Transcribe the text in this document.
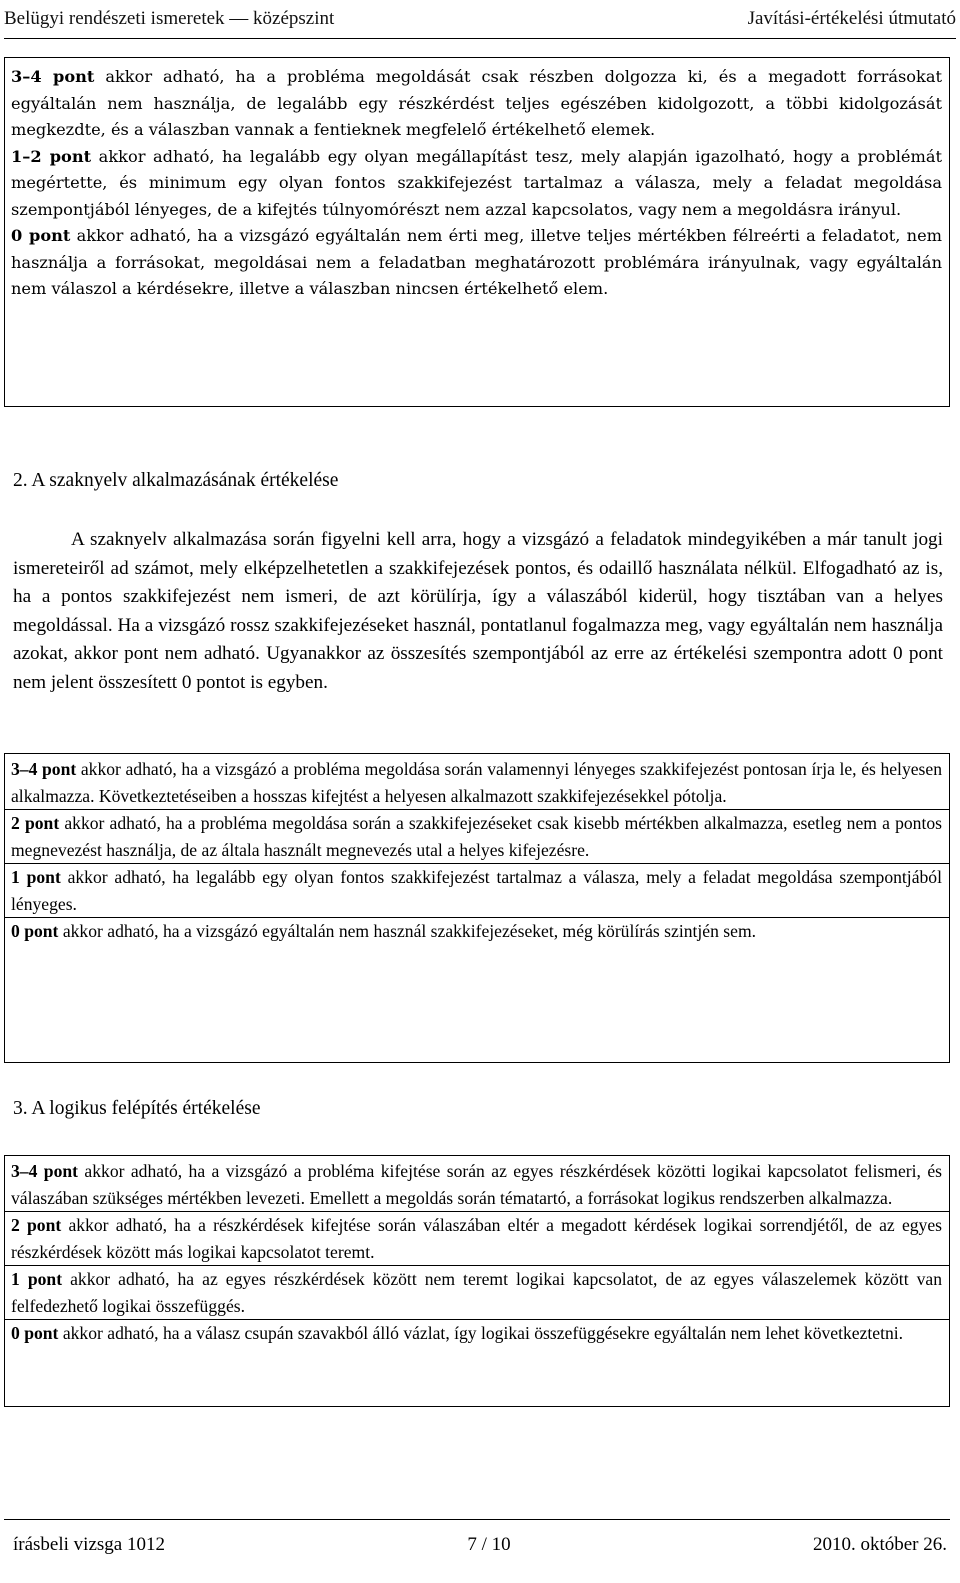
Belügyi rendészeti ismeretek — középszint	Javítási-értékelési útmutató

3–4 pont akkor adható, ha a probléma megoldását csak részben dolgozza ki, és a megadott forrásokat egyáltalán nem használja, de legalább egy részkérdést teljes egészében kidolgozott, a többi kidolgozását megkezdte, és a válaszban vannak a fentieknek megfelelő értékelhető elemek.

1–2 pont akkor adható, ha legalább egy olyan megállapítást tesz, mely alapján igazolható, hogy a problémát megértette, és minimum egy olyan fontos szakkifejezést tartalmaz a válasza, mely a feladat megoldása szempontjából lényeges, de a kifejtés túlnyomórészt nem azzal kapcsolatos, vagy nem a megoldásra irányul.

0 pont akkor adható, ha a vizsgázó egyáltalán nem érti meg, illetve teljes mértékben félreérti a feladatot, nem használja a forrásokat, megoldásai nem a feladatban meghatározott problémára irányulnak, vagy egyáltalán nem válaszol a kérdésekre, illetve a válaszban nincsen értékelhető elem.

2. A szaknyelv alkalmazásának értékelése

A szaknyelv alkalmazása során figyelni kell arra, hogy a vizsgázó a feladatok mindegyikében a már tanult jogi ismereteiről ad számot, mely elképzelhetetlen a szakkifejezések pontos, és odaillő használata nélkül. Elfogadható az is, ha a pontos szakkifejezést nem ismeri, de azt körülírja, így a válaszából kiderül, hogy tisztában van a helyes megoldással. Ha a vizsgázó rossz szakkifejezéseket használ, pontatlanul fogalmazza meg, vagy egyáltalán nem használja azokat, akkor pont nem adható. Ugyanakkor az összesítés szempontjából az erre az értékelési szempontra adott 0 pont nem jelent összesített 0 pontot is egyben.

3–4 pont akkor adható, ha a vizsgázó a probléma megoldása során valamennyi lényeges szakkifejezést pontosan írja le, és helyesen alkalmazza. Következtetéseiben a hosszas kifejtést a helyesen alkalmazott szakkifejezésekkel pótolja.

2 pont akkor adható, ha a probléma megoldása során a szakkifejezéseket csak kisebb mértékben alkalmazza, esetleg nem a pontos megnevezést használja, de az általa használt megnevezés utal a helyes kifejezésre.

1 pont akkor adható, ha legalább egy olyan fontos szakkifejezést tartalmaz a válasza, mely a feladat megoldása szempontjából lényeges.

0 pont akkor adható, ha a vizsgázó egyáltalán nem használ szakkifejezéseket, még körülírás szintjén sem.

3. A logikus felépítés értékelése

3–4 pont akkor adható, ha a vizsgázó a probléma kifejtése során az egyes részkérdések közötti logikai kapcsolatot felismeri, és válaszában szükséges mértékben levezeti. Emellett a megoldás során tématartó, a forrásokat logikus rendszerben alkalmazza.

2 pont akkor adható, ha a részkérdések kifejtése során válaszában eltér a megadott kérdések logikai sorrendjétől, de az egyes részkérdések között más logikai kapcsolatot teremt.

1 pont akkor adható, ha az egyes részkérdések között nem teremt logikai kapcsolatot, de az egyes válaszelemek között van felfedezhető logikai összefüggés.

0 pont akkor adható, ha a válasz csupán szavakból álló vázlat, így logikai összefüggésekre egyáltalán nem lehet következtetni.

írásbeli vizsga 1012	7 / 10	2010. október 26.
